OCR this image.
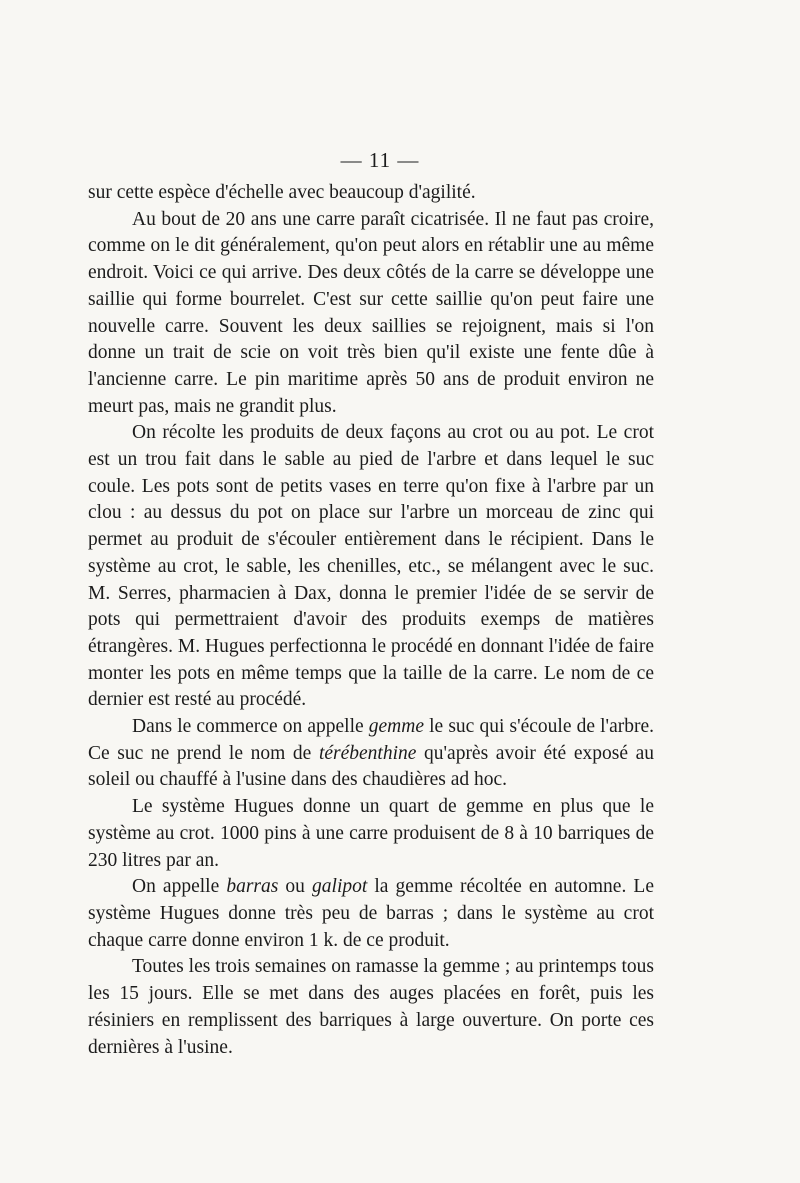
— 11 —

sur cette espèce d'échelle avec beaucoup d'agilité.

Au bout de 20 ans une carre paraît cicatrisée. Il ne faut pas croire, comme on le dit généralement, qu'on peut alors en rétablir une au même endroit. Voici ce qui arrive. Des deux côtés de la carre se développe une saillie qui forme bourrelet. C'est sur cette saillie qu'on peut faire une nouvelle carre. Souvent les deux saillies se rejoignent, mais si l'on donne un trait de scie on voit très bien qu'il existe une fente dûe à l'ancienne carre. Le pin maritime après 50 ans de produit environ ne meurt pas, mais ne grandit plus.

On récolte les produits de deux façons au crot ou au pot. Le crot est un trou fait dans le sable au pied de l'arbre et dans lequel le suc coule. Les pots sont de petits vases en terre qu'on fixe à l'arbre par un clou : au dessus du pot on place sur l'arbre un morceau de zinc qui permet au produit de s'écouler entièrement dans le récipient. Dans le système au crot, le sable, les chenilles, etc., se mélangent avec le suc. M. Serres, pharmacien à Dax, donna le premier l'idée de se servir de pots qui permettraient d'avoir des produits exemps de matières étrangères. M. Hugues perfectionna le procédé en donnant l'idée de faire monter les pots en même temps que la taille de la carre. Le nom de ce dernier est resté au procédé.

Dans le commerce on appelle gemme le suc qui s'écoule de l'arbre. Ce suc ne prend le nom de térébenthine qu'après avoir été exposé au soleil ou chauffé à l'usine dans des chaudières ad hoc.

Le système Hugues donne un quart de gemme en plus que le système au crot. 1000 pins à une carre produisent de 8 à 10 barriques de 230 litres par an.

On appelle barras ou galipot la gemme récoltée en automne. Le système Hugues donne très peu de barras ; dans le système au crot chaque carre donne environ 1 k. de ce produit.

Toutes les trois semaines on ramasse la gemme ; au printemps tous les 15 jours. Elle se met dans des auges placées en forêt, puis les résiniers en remplissent des barriques à large ouverture. On porte ces dernières à l'usine.
